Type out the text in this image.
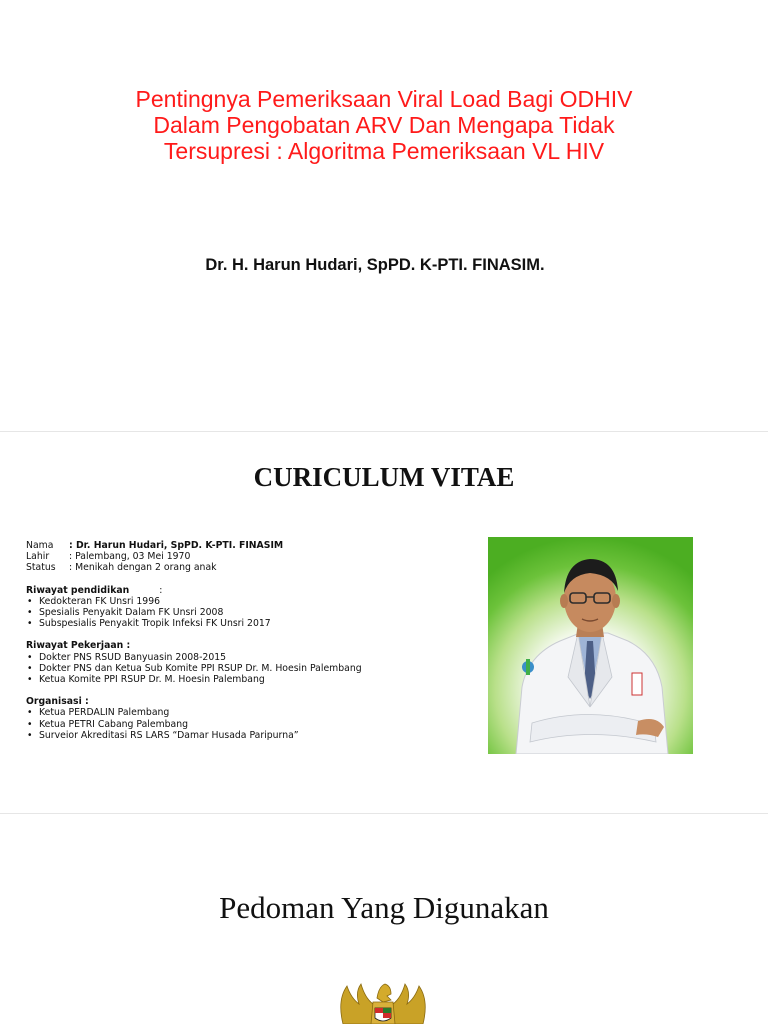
Pentingnya Pemeriksaan Viral Load Bagi ODHIV
Dalam Pengobatan ARV Dan Mengapa Tidak
Tersupresi : Algoritma Pemeriksaan VL HIV
Dr. H. Harun Hudari, SpPD. K-PTI. FINASIM.
CURICULUM VITAE
Nama	: Dr. Harun Hudari, SpPD. K-PTI. FINASIM
Lahir	: Palembang, 03 Mei 1970
Status	: Menikah dengan 2 orang anak
Riwayat pendidikan	:
• Kedokteran FK Unsri 1996
• Spesialis Penyakit Dalam FK Unsri 2008
• Subspesialis Penyakit Tropik Infeksi FK Unsri 2017
Riwayat Pekerjaan :
• Dokter PNS RSUD Banyuasin 2008-2015
• Dokter PNS dan Ketua Sub Komite PPI RSUP Dr. M. Hoesin Palembang
• Ketua Komite PPI RSUP Dr. M. Hoesin Palembang
Organisasi :
• Ketua PERDALIN Palembang
• Ketua PETRI Cabang Palembang
• Surveior Akreditasi RS LARS “Damar Husada Paripurna”
Pedoman Yang Digunakan
